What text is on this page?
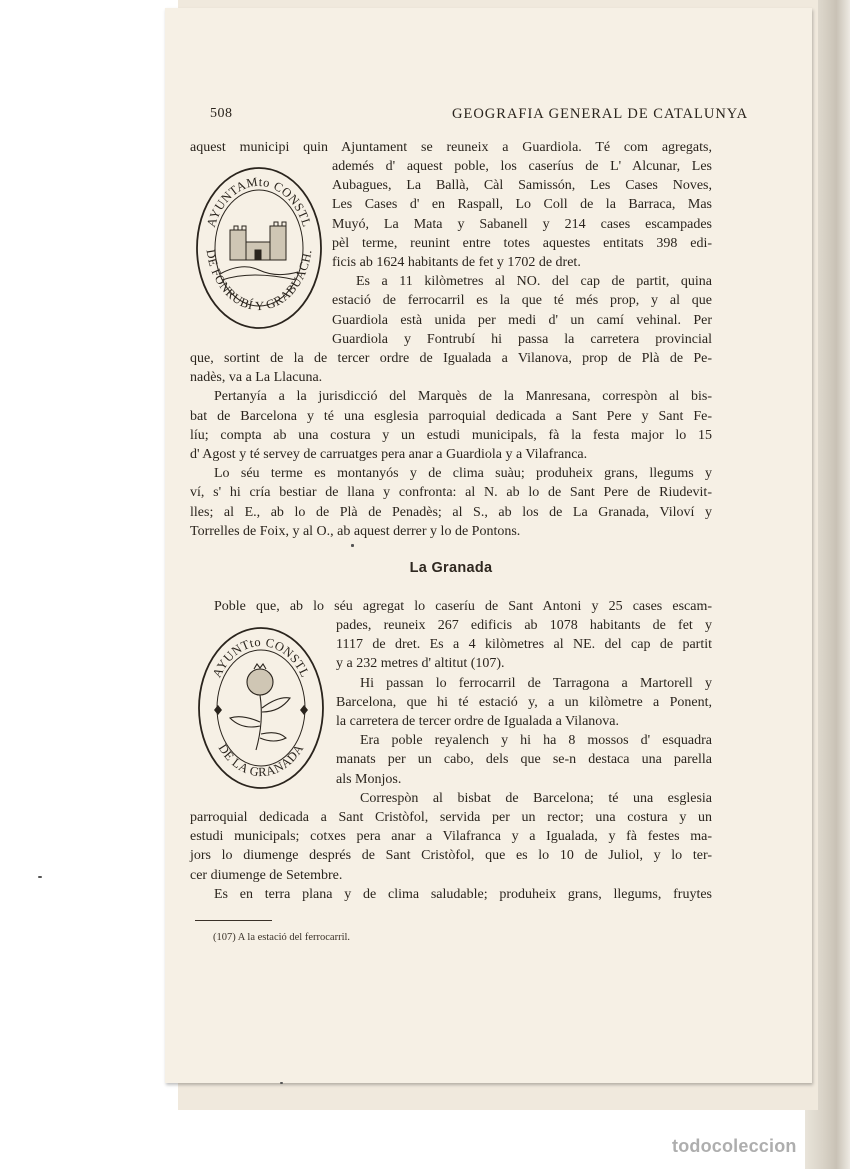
508	GEOGRAFIA GENERAL DE CATALUNYA

aquest municipi quin Ajuntament se reuneix a Guardiola. Té com agregats,

AYUNTAMto CONSTL
DE FONRUBÍ Y GRABUACH.

ademés d' aquest poble, los caseríus de L' Alcunar, Les
Aubagues, La Ballà, Càl Samissón, Les Cases Noves,
Les Cases d' en Raspall, Lo Coll de la Barraca, Mas
Muyó, La Mata y Sabanell y 214 cases escampades
pèl terme, reunint entre totes aquestes entitats 398 edi-
ficis ab 1624 habitants de fet y 1702 de dret.
Es a 11 kilòmetres al NO. del cap de partit, quina
estació de ferrocarril es la que té més prop, y al que
Guardiola està unida per medi d' un camí vehinal. Per
Guardiola y Fontrubí hi passa la carretera provincial

que, sortint de la de tercer ordre de Igualada a Vilanova, prop de Plà de Pe-
nadès, va a La Llacuna.
Pertanyía a la jurisdicció del Marquès de la Manresana, correspòn al bis-
bat de Barcelona y té una esglesia parroquial dedicada a Sant Pere y Sant Fe-
líu; compta ab una costura y un estudi municipals, fà la festa major lo 15
d' Agost y té servey de carruatges pera anar a Guardiola y a Vilafranca.
Lo séu terme es montanyós y de clima suàu; produheix grans, llegums y
ví, s' hi cría bestiar de llana y confronta: al N. ab lo de Sant Pere de Riudevit-
lles; al E., ab lo de Plà de Penadès; al S., ab los de La Granada, Viloví y
Torrelles de Foix, y al O., ab aquest derrer y lo de Pontons.

La Granada

Poble que, ab lo séu agregat lo caseríu de Sant Antoni y 25 cases escam-

AYUNTto CONSTL
DE LA GRANADA

pades, reuneix 267 edificis ab 1078 habitants de fet y
1117 de dret. Es a 4 kilòmetres al NE. del cap de partit
y a 232 metres d' altitut (107).
Hi passan lo ferrocarril de Tarragona a Martorell y
Barcelona, que hi té estació y, a un kilòmetre a Ponent,
la carretera de tercer ordre de Igualada a Vilanova.
Era poble reyalench y hi ha 8 mossos d' esquadra
manats per un cabo, dels que se-n destaca una parella
als Monjos.
Correspòn al bisbat de Barcelona; té una esglesia

parroquial dedicada a Sant Cristòfol, servida per un rector; una costura y un
estudi municipals; cotxes pera anar a Vilafranca y a Igualada, y fà festes ma-
jors lo diumenge després de Sant Cristòfol, que es lo 10 de Juliol, y lo ter-
cer diumenge de Setembre.
Es en terra plana y de clima saludable; produheix grans, llegums, fruytes

(107) A la estació del ferrocarril.
todocoleccion
